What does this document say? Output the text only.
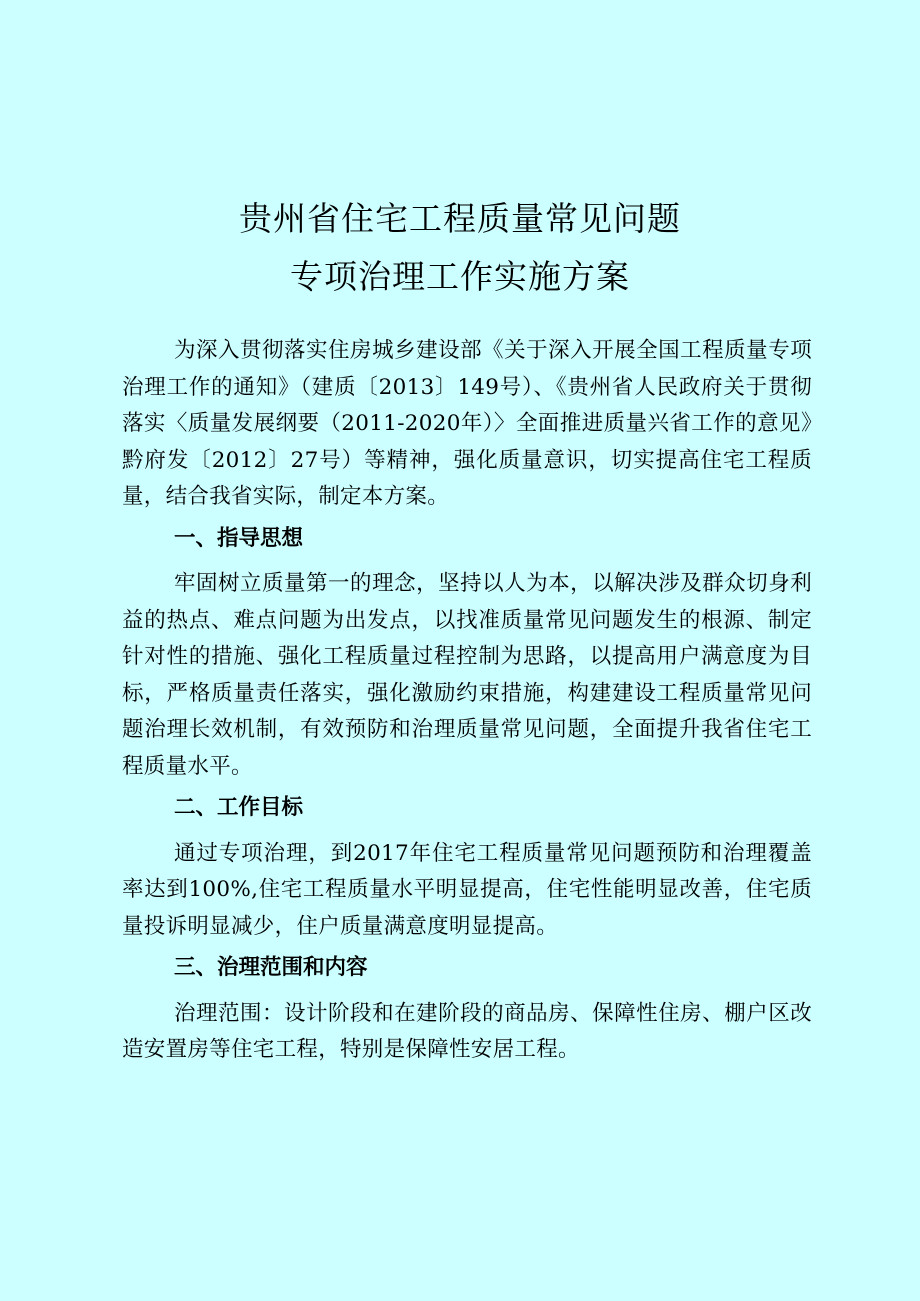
贵州省住宅工程质量常见问题
专项治理工作实施方案

为深入贯彻落实住房城乡建设部《关于深入开展全国工程质量专项治理工作的通知》（建质〔2013〕149号）、《贵州省人民政府关于贯彻落实〈质量发展纲要（2011-2020年）〉全面推进质量兴省工作的意见》黔府发〔2012〕27号）等精神，强化质量意识，切实提高住宅工程质量，结合我省实际，制定本方案。

一、指导思想

牢固树立质量第一的理念，坚持以人为本，以解决涉及群众切身利益的热点、难点问题为出发点，以找准质量常见问题发生的根源、制定针对性的措施、强化工程质量过程控制为思路，以提高用户满意度为目标，严格质量责任落实，强化激励约束措施，构建建设工程质量常见问题治理长效机制，有效预防和治理质量常见问题，全面提升我省住宅工程质量水平。

二、工作目标

通过专项治理，到2017年住宅工程质量常见问题预防和治理覆盖率达到100%,住宅工程质量水平明显提高，住宅性能明显改善，住宅质量投诉明显减少，住户质量满意度明显提高。

三、治理范围和内容

治理范围：设计阶段和在建阶段的商品房、保障性住房、棚户区改造安置房等住宅工程，特别是保障性安居工程。
